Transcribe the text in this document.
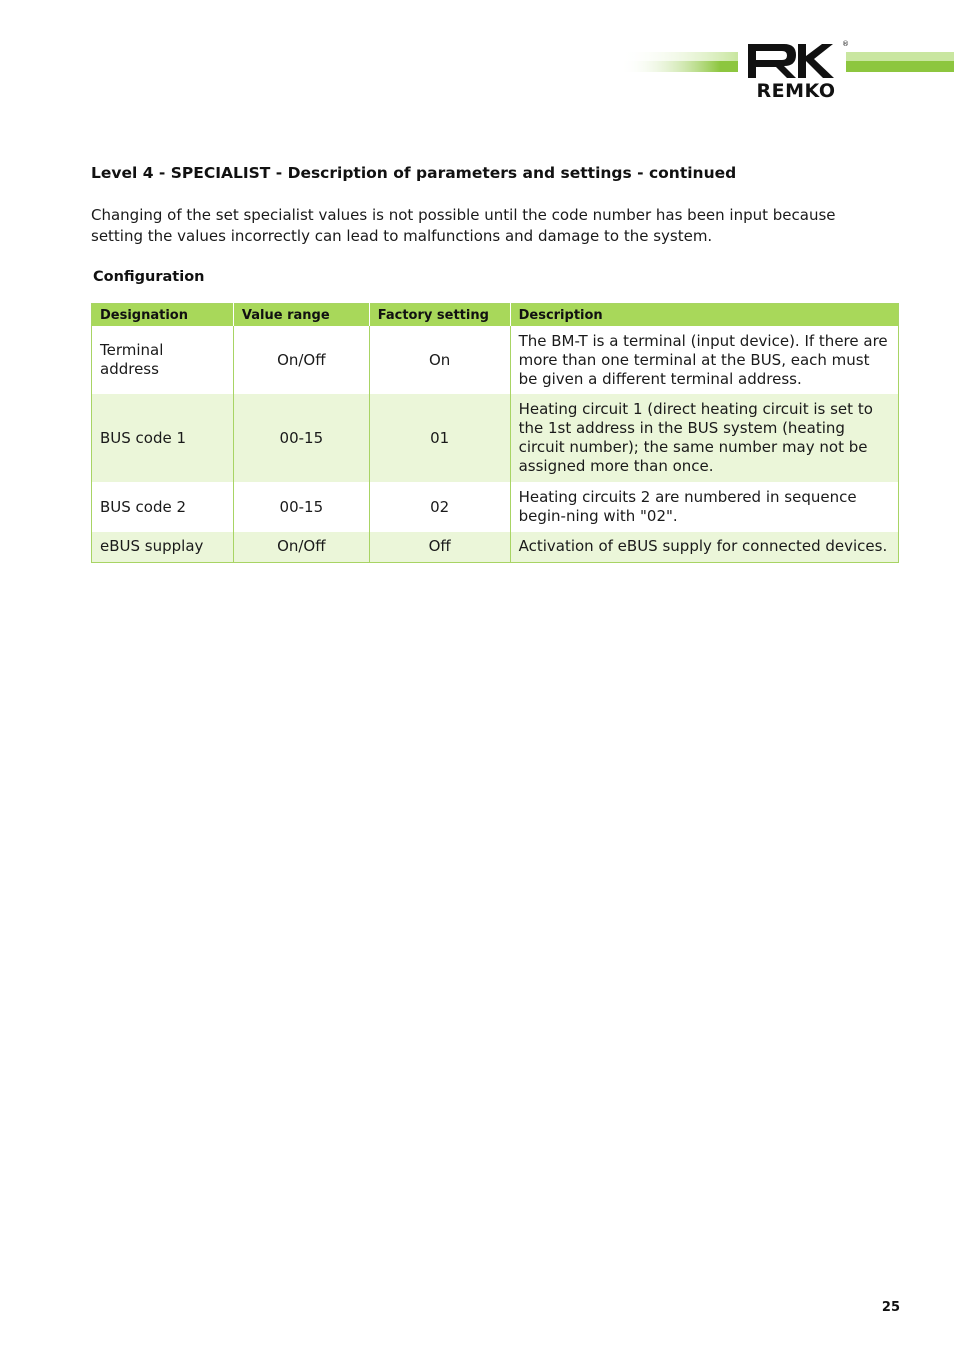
®
REMKO
Level 4 - SPECIALIST - Description of parameters and settings - continued

Changing of the set specialist values is not possible until the code number has been input because setting the values incorrectly can lead to malfunctions and damage to the system.

Configuration
Designation	Value range	Factory setting	Description
Terminal address	On/Off	On	The BM-T is a terminal (input device). If there are more than one terminal at the BUS, each must be given a different terminal address.
BUS code 1	00-15	01	Heating circuit 1 (direct heating circuit is set to the 1st address in the BUS system (heating circuit number); the same number may not be assigned more than once.
BUS code 2	00-15	02	Heating circuits 2 are numbered in sequence begin-ning with "02".
eBUS supplay	On/Off	Off	Activation of eBUS supply for connected devices.
25
